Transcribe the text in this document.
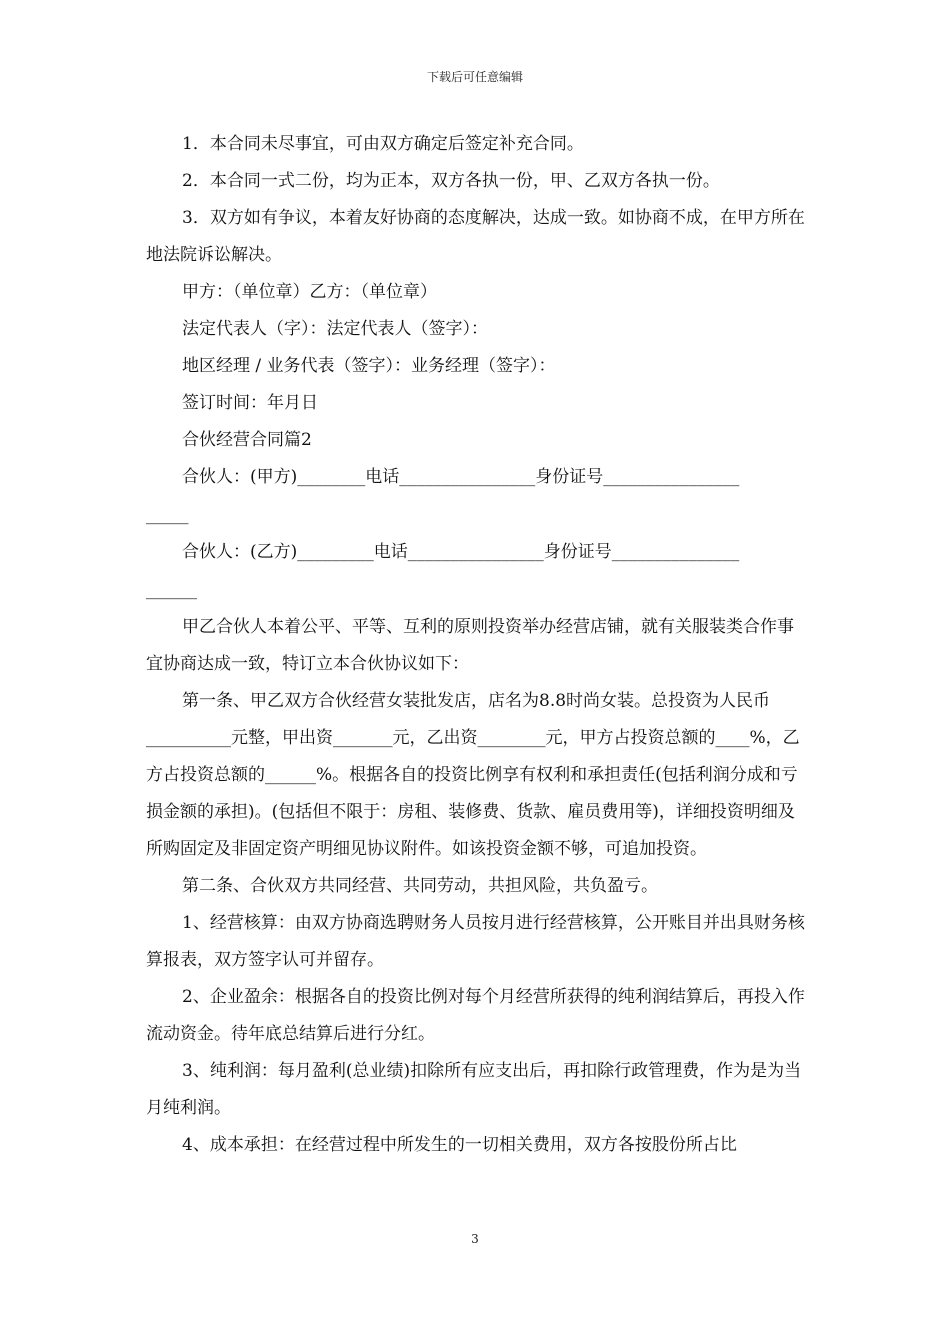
下载后可任意编辑

1．本合同未尽事宜，可由双方确定后签定补充合同。

2．本合同一式二份，均为正本，双方各执一份，甲、乙双方各执一份。

3．双方如有争议，本着友好协商的态度解决，达成一致。如协商不成，在甲方所在地法院诉讼解决。

甲方：（单位章）乙方：（单位章）

法定代表人（字）：法定代表人（签字）：

地区经理 / 业务代表（签字）：业务经理（签字）：

签订时间：年月日

合伙经营合同篇2

合伙人：(甲方)________电话________________身份证号________________

_____

合伙人：(乙方)_________电话________________身份证号_______________

______

甲乙合伙人本着公平、平等、互利的原则投资举办经营店铺，就有关服装类合作事宜协商达成一致，特订立本合伙协议如下：

第一条、甲乙双方合伙经营女装批发店，店名为8.8时尚女装。总投资为人民币__________元整，甲出资_______元，乙出资________元，甲方占投资总额的____%，乙方占投资总额的______%。根据各自的投资比例享有权利和承担责任(包括利润分成和亏损金额的承担)。(包括但不限于：房租、装修费、货款、雇员费用等)，详细投资明细及所购固定及非固定资产明细见协议附件。如该投资金额不够，可追加投资。

第二条、合伙双方共同经营、共同劳动，共担风险，共负盈亏。

1、经营核算：由双方协商选聘财务人员按月进行经营核算，公开账目并出具财务核算报表，双方签字认可并留存。

2、企业盈余：根据各自的投资比例对每个月经营所获得的纯利润结算后，再投入作流动资金。待年底总结算后进行分红。

3、纯利润：每月盈利(总业绩)扣除所有应支出后，再扣除行政管理费，作为是为当月纯利润。

4、成本承担：在经营过程中所发生的一切相关费用，双方各按股份所占比

3
